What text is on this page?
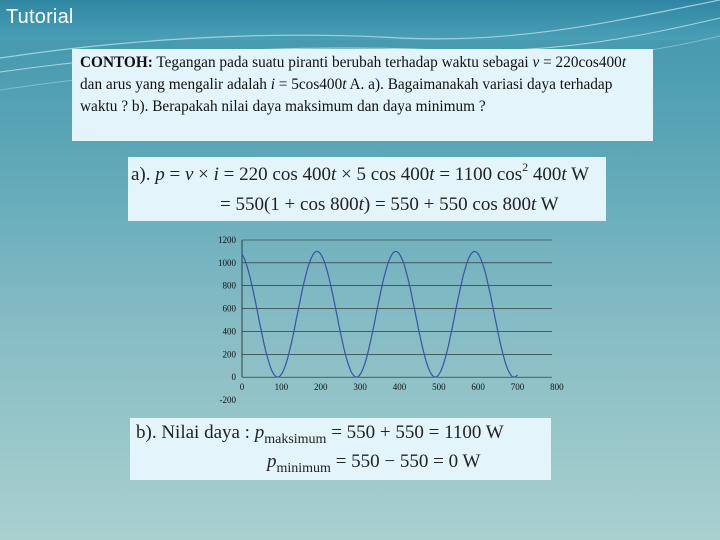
Tutorial
CONTOH: Tegangan pada suatu piranti berubah terhadap waktu sebagai v = 220cos400t dan arus yang mengalir adalah i = 5cos400t A. a). Bagaimanakah variasi daya terhadap waktu ? b). Berapakah nilai daya maksimum dan daya minimum ?
a). p = v × i = 220 cos 400t × 5 cos 400t = 1100 $\cos^2 400t$ W
= 550(1 + cos 800t) = 550 + 550 cos 800t W
1200
1000
800
600
400
200
0
-200
0	100	200	300	400	500	600	700	800
b). Nilai daya : $p_{maksimum} = 550 + 550 = 1100$ W
$p_{minimum} = 550 - 550 = 0$ W
